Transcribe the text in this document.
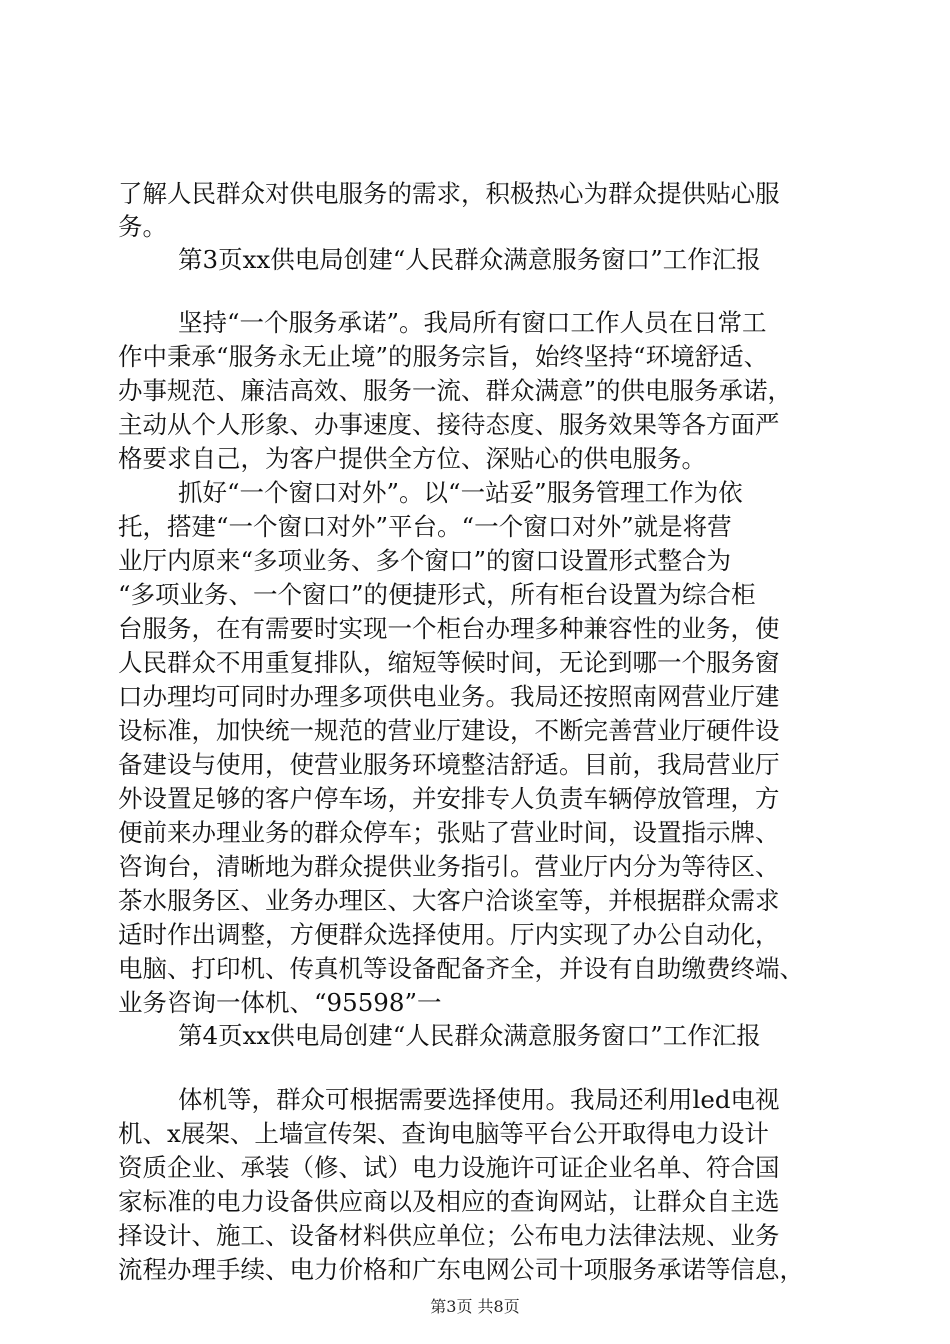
了解人民群众对供电服务的需求，积极热心为群众提供贴心服
务。
第3页xx供电局创建“人民群众满意服务窗口”工作汇报
坚持“一个服务承诺”。我局所有窗口工作人员在日常工
作中秉承“服务永无止境”的服务宗旨，始终坚持“环境舒适、
办事规范、廉洁高效、服务一流、群众满意”的供电服务承诺，
主动从个人形象、办事速度、接待态度、服务效果等各方面严
格要求自己，为客户提供全方位、深贴心的供电服务。
抓好“一个窗口对外”。以“一站妥”服务管理工作为依
托，搭建“一个窗口对外”平台。“一个窗口对外”就是将营
业厅内原来“多项业务、多个窗口”的窗口设置形式整合为
“多项业务、一个窗口”的便捷形式，所有柜台设置为综合柜
台服务，在有需要时实现一个柜台办理多种兼容性的业务，使
人民群众不用重复排队，缩短等候时间，无论到哪一个服务窗
口办理均可同时办理多项供电业务。我局还按照南网营业厅建
设标准，加快统一规范的营业厅建设，不断完善营业厅硬件设
备建设与使用，使营业服务环境整洁舒适。目前，我局营业厅
外设置足够的客户停车场，并安排专人负责车辆停放管理，方
便前来办理业务的群众停车；张贴了营业时间，设置指示牌、
咨询台，清晰地为群众提供业务指引。营业厅内分为等待区、
茶水服务区、业务办理区、大客户洽谈室等，并根据群众需求
适时作出调整，方便群众选择使用。厅内实现了办公自动化，
电脑、打印机、传真机等设备配备齐全，并设有自助缴费终端、
业务咨询一体机、“95598”一
第4页xx供电局创建“人民群众满意服务窗口”工作汇报
体机等，群众可根据需要选择使用。我局还利用led电视
机、x展架、上墙宣传架、查询电脑等平台公开取得电力设计
资质企业、承装（修、试）电力设施许可证企业名单、符合国
家标准的电力设备供应商以及相应的查询网站，让群众自主选
择设计、施工、设备材料供应单位；公布电力法律法规、业务
流程办理手续、电力价格和广东电网公司十项服务承诺等信息，
第3页 共8页
